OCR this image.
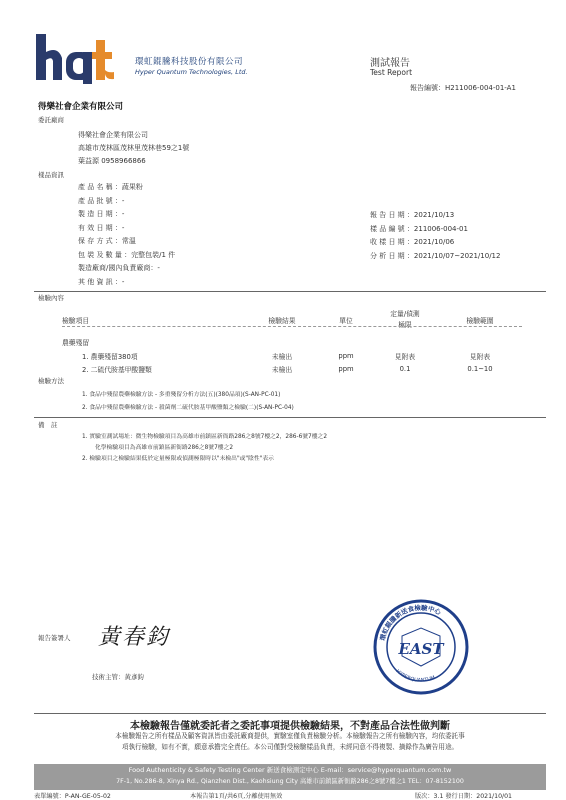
環虹錕騰科技股份有限公司
Hyper Quantum Technologies, Ltd.
測試報告
Test Report
報告編號：H211006-004-01-A1
得樂社會企業有限公司
委託廠商
得樂社會企業有限公司
高雄市茂林區茂林里茂林巷59之1號
葉益源 0958966866
樣品資訊
產 品 名 稱 ：蔬果粉
產 品 批 號 ：-
製 造 日 期 ：-
有 效 日 期 ：-
保 存 方 式 ：常溫
包 裝 及 數 量 ：完整包裝/1 件
製造廠商/國內負責廠商：-
其 他 資 訊 ：-
報 告 日 期 ：2021/10/13
樣 品 編 號 ：211006-004-01
收 樣 日 期 ：2021/10/06
分 析 日 期 ：2021/10/07~2021/10/12
檢驗內容
檢驗項目	檢驗結果	單位	定量/偵測
極限	檢驗範圍
農藥殘留				
1. 農藥殘留380項	未檢出	ppm	見附表	見附表
2. 二硫代胺基甲酸鹽類	未檢出	ppm	0.1	0.1~10
檢驗方法
1. 食品中殘留農藥檢驗方法 - 多重殘留分析方法(五)(380品項)(S-AN-PC-01)
2. 食品中殘留農藥檢驗方法 - 殺菌劑二硫代胺基甲酸鹽類之檢驗(二)(S-AN-PC-04)
備　註
1. 實驗室測試場址：微生物檢驗項目為高雄市前鎮區新衙路286之8號7樓之2，286-6號7樓之2
化學檢驗項目為高雄市前鎮區新衙路286之8號7樓之2
2. 檢驗項目之檢驗結果低於定量極限或偵測極限時以"未檢出"或"陰性"表示
報告簽署人 黃春鈞
技術主管：黃彥鈞
環虹錕騰新送食檢驗中心
HYPERQUANTUM
EAST
本檢驗報告僅就委託者之委託事項提供檢驗結果，不對產品合法性做判斷
本檢驗報告之所有樣品及顧客資訊皆由委託廠商提供，實驗室僅負責檢驗分析。本檢驗報告之所有檢驗內容，均依委託事
項執行檢驗，如有不實，願意承擔完全責任。本公司僅對受檢驗樣品負責，未經同意不得複製、摘錄作為廣告用途。
Food Authenticity & Safety Testing Center 新送食檢測定中心 E-mail：service@hyperquantum.com.tw
7F-1, No.286-8, Xinya Rd., Qianzhen Dist., Kaohsiung City 高雄市前鎮區新衙路286之8號7樓之1 TEL：07-8152100
表單編號：P-AN-GE-05-02	本報告第1頁/共6頁,分離使用無效	版次：3.1 發行日期：2021/10/01
